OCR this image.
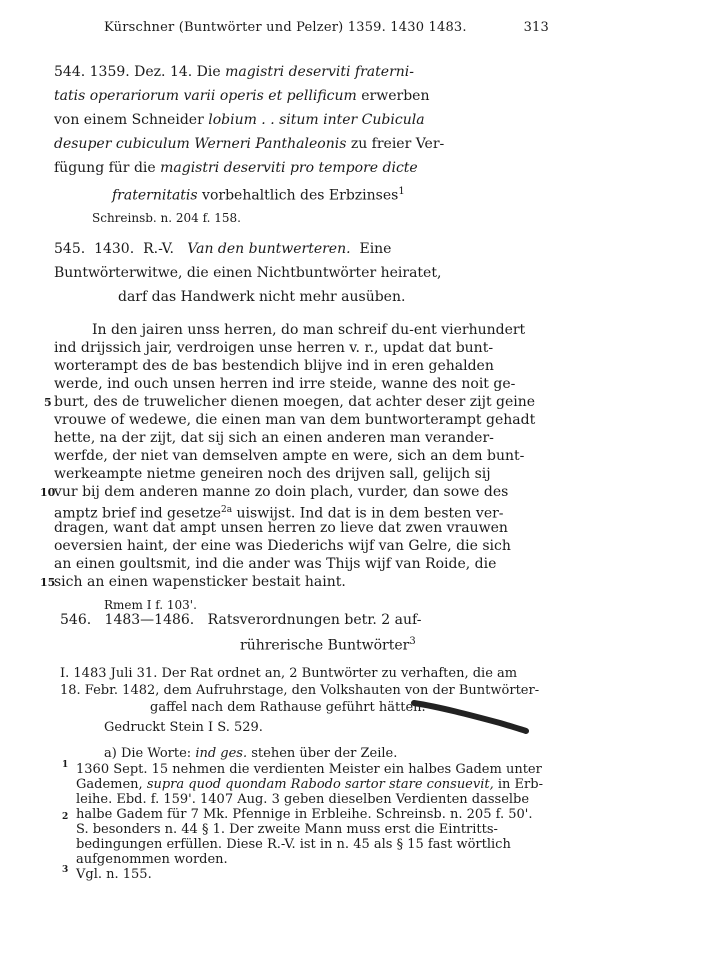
Kürschner (Buntwörter und Pelzer) 1359. 1430 1483.	313
544. 1359. Dez. 14. Die magistri deserviti fraterni-
tatis operariorum varii operis et pellificum erwerben
von einem Schneider lobium . . situm inter Cubicula
desuper cubiculum Werneri Panthaleonis zu freier Ver-
fügung für die magistri deserviti pro tempore dicte
fraternitatis vorbehaltlich des Erbzinses$^1$
Schreinsb. n. 204 f. 158.
545. 1430. R.-V. Van den buntwerteren. Eine
Buntwörterwitwe, die einen Nichtbuntwörter heiratet,
darf das Handwerk nicht mehr ausüben.
In den jairen unss herren, do man schreif du-ent vierhundert
ind drijssich jair, verdroigen unse herren v. r., updat dat bunt-
worterampt des de bas bestendich blijve ind in eren gehalden
werde, ind ouch unsen herren ind irre steide, wanne des noit ge-
burt, des de truwelicher dienen moegen, dat achter deser zijt geine
vrouwe of wedewe, die einen man van dem buntworterampt gehadt
hette, na der zijt, dat sij sich an einen anderen man verander-
werfde, der niet van demselven ampte en were, sich an dem bunt-
werkeampte nietme geneiren noch des drijven sall, gelijch sij
vur bij dem anderen manne zo doin plach, vurder, dan sowe des
amptz brief ind gesetze$^{2a}$ uiswijst. Ind dat is in dem besten ver-
dragen, want dat ampt unsen herren zo lieve dat zwen vrauwen
oeversien haint, der eine was Diederichs wijf van Gelre, die sich
an einen goultsmit, ind die ander was Thijs wijf van Roide, die
sich an einen wapensticker bestait haint.
5
10
15
Rmem I f. 103'.
546. 1483—1486. Ratsverordnungen betr. 2 auf-
rührerische Buntwörter$^3$
I. 1483 Juli 31. Der Rat ordnet an, 2 Buntwörter zu verhaften, die am
18. Febr. 1482, dem Aufruhrstage, den Volkshauten von der Buntwörter-
gaffel nach dem Rathause geführt hätten.
Gedruckt Stein I S. 529.
a) Die Worte: ind ges. stehen über der Zeile.
1 1360 Sept. 15 nehmen die verdienten Meister ein halbes Gadem unter
Gademen, supra quod quondam Rabodo sartor stare consuevit, in Erb-
leihe. Ebd. f. 159'. 1407 Aug. 3 geben dieselben Verdienten dasselbe
halbe Gadem für 7 Mk. Pfennige in Erbleihe. Schreinsb. n. 205 f. 50'.
2
S. besonders n. 44 § 1. Der zweite Mann muss erst die Eintritts-
bedingungen erfüllen. Diese R.-V. ist in n. 45 als § 15 fast wörtlich
aufgenommen worden.
3 Vgl. n. 155.
